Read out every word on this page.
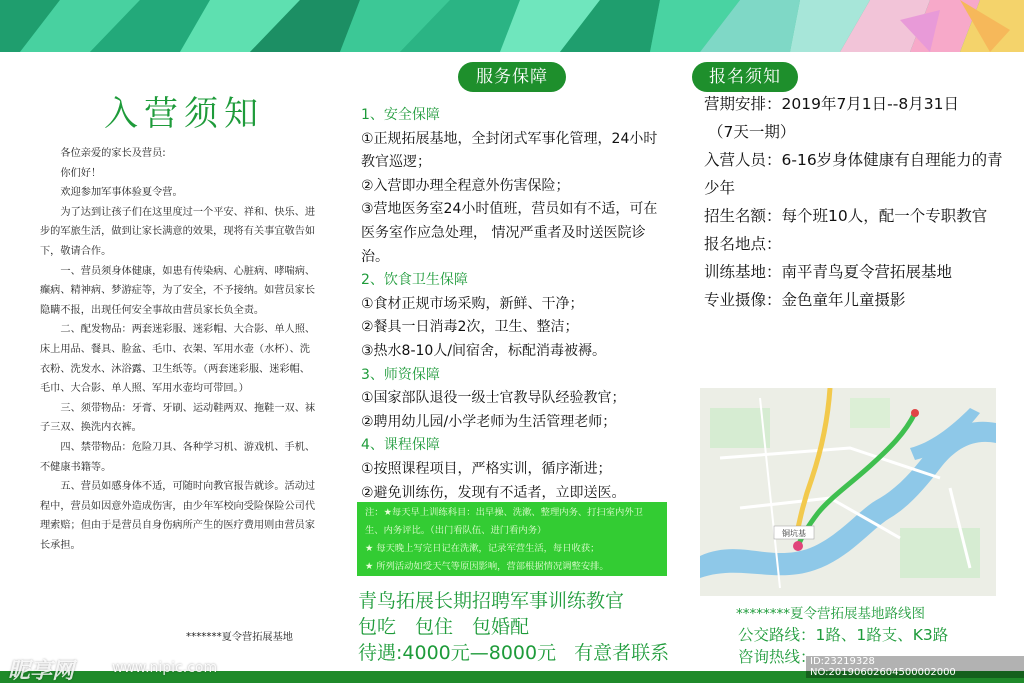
入营须知

各位亲爱的家长及营员:

你们好！

欢迎参加军事体验夏令营。

为了达到让孩子们在这里度过一个平安、祥和、快乐、进步的军旅生活，做到让家长满意的效果，现将有关事宜敬告如下，敬请合作。

一、营员须身体健康，如患有传染病、心脏病、哮喘病、癫病、精神病、梦游症等，为了安全，不予接纳。如营员家长隐瞒不报，出现任何安全事故由营员家长负全责。

二、配发物品：两套迷彩服、迷彩帽、大合影、单人照、床上用品、餐具、脸盆、毛巾、衣架、军用水壶（水杯）、洗衣粉、洗发水、沐浴露、卫生纸等。（两套迷彩服、迷彩帽、毛巾、大合影、单人照、军用水壶均可带回。）

三、须带物品：牙膏、牙刷、运动鞋两双、拖鞋一双、袜子三双、换洗内衣裤。

四、禁带物品：危险刀具、各种学习机、游戏机、手机、不健康书籍等。

五、营员如感身体不适，可随时向教官报告就诊。活动过程中，营员如因意外造成伤害，由少年军校向受险保险公司代理索赔；但由于是营员自身伤病所产生的医疗费用则由营员家长承担。

*******夏令营拓展基地
服务保障
1、安全保障
①正规拓展基地，全封闭式军事化管理，24小时教官巡逻；
②入营即办理全程意外伤害保险；
③营地医务室24小时值班，营员如有不适，可在医务室作应急处理， 情况严重者及时送医院诊治。
2、饮食卫生保障
①食材正规市场采购，新鲜、干净；
②餐具一日消毒2次，卫生、整洁；
③热水8-10人/间宿舍，标配消毒被褥。
3、师资保障
①国家部队退役一级士官教导队经验教官；
②聘用幼儿园/小学老师为生活管理老师；
4、课程保障
①按照课程项目，严格实训，循序渐进；
②避免训练伤，发现有不适者，立即送医。
注：★每天早上训练科目：出早操、洗漱、整理内务、打扫室内外卫生、内务评比。（出门看队伍、进门看内务）
★ 每天晚上写完日记在洗漱，记录军营生活，每日收获；
★ 所列活动如受天气等原因影响，营部根据情况调整安排。
青鸟拓展长期招聘军事训练教官
包吃　包住　包婚配
待遇:4000元—8000元 有意者联系
报名须知
营期安排：2019年7月1日--8月31日
（7天一期）
入营人员：6-16岁身体健康有自理能力的青少年
招生名额：每个班10人，配一个专职教官
报名地点：
训练基地：南平青鸟夏令营拓展基地
专业摄像：金色童年儿童摄影
铜坑基
********夏令营拓展基地路线图
公交路线：1路、1路支、K3路
咨询热线：
昵享网	www.nipic.com	ID:23219328 NO:20190602604500002000
